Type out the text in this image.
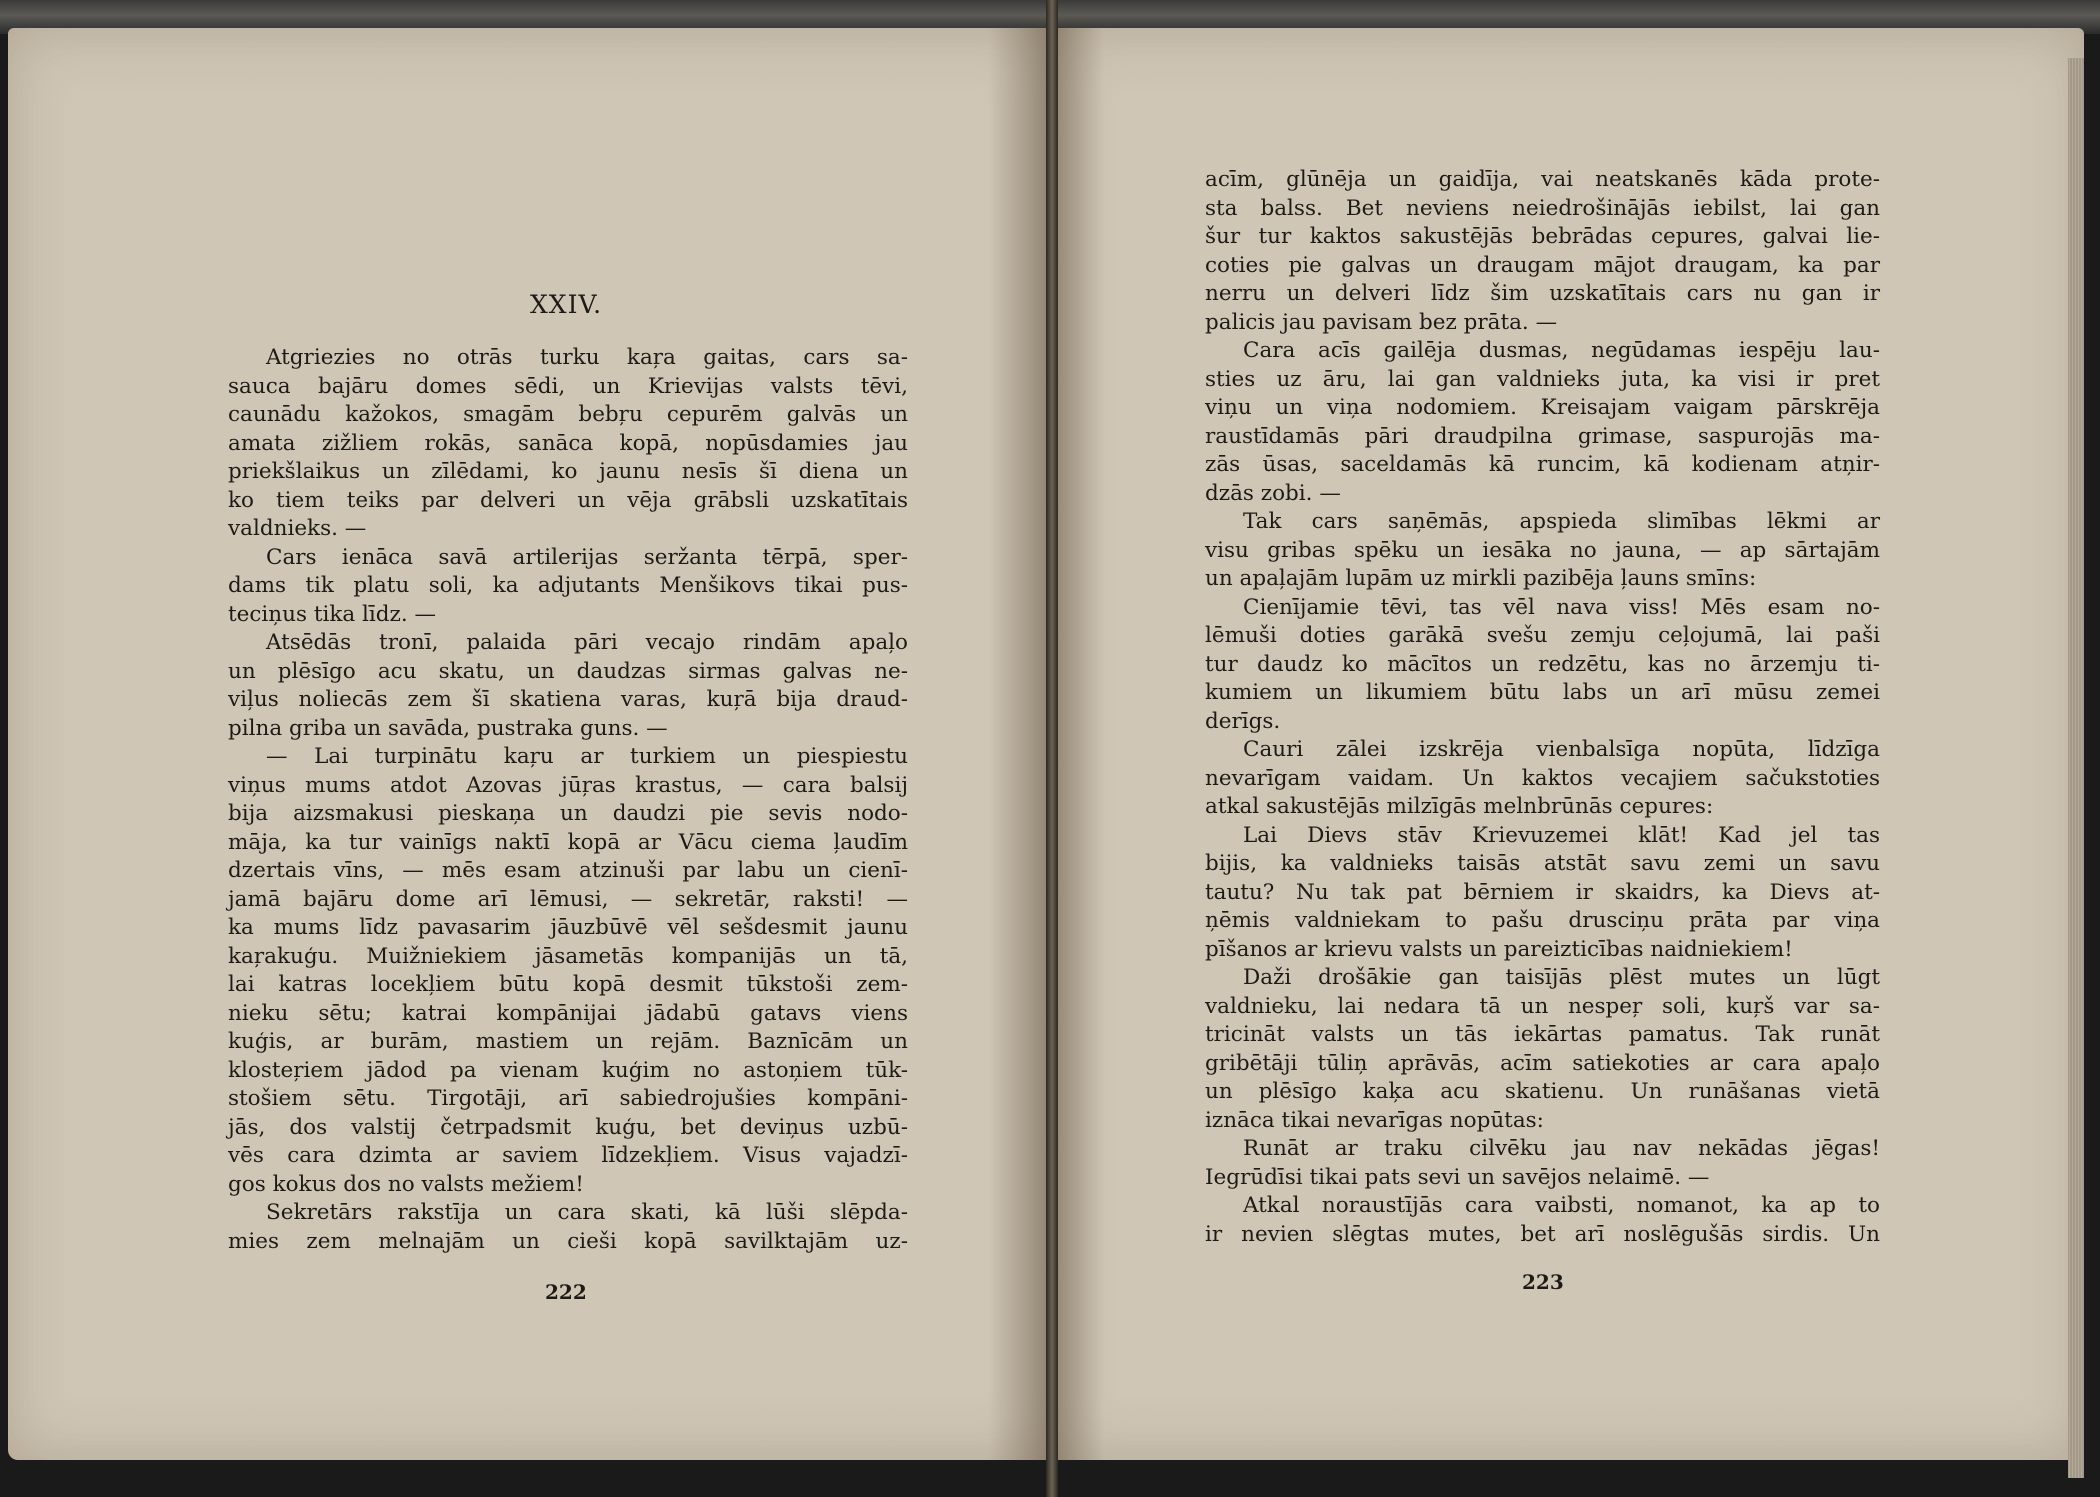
XXIV.

Atgriezies no otrās turku kaŗa gaitas, cars sa-
sauca bajāru domes sēdi, un Krievijas valsts tēvi,
caunādu kažokos, smagām bebŗu cepurēm galvās un
amata zižliem rokās, sanāca kopā, nopūsdamies jau
priekšlaikus un zīlēdami, ko jaunu nesīs šī diena un
ko tiem teiks par delveri un vēja grābsli uzskatītais
valdnieks. —

Cars ienāca savā artilerijas seržanta tērpā, sper-
dams tik platu soli, ka adjutants Menšikovs tikai pus-
teciņus tika līdz. —

Atsēdās tronī, palaida pāri vecajo rindām apaļo
un plēsīgo acu skatu, un daudzas sirmas galvas ne-
viļus noliecās zem šī skatiena varas, kuŗā bija draud-
pilna griba un savāda, pustraka guns. —

— Lai turpinātu kaŗu ar turkiem un piespiestu
viņus mums atdot Azovas jūŗas krastus, — cara balsij
bija aizsmakusi pieskaņa un daudzi pie sevis nodo-
māja, ka tur vainīgs naktī kopā ar Vācu ciema ļaudīm
dzertais vīns, — mēs esam atzinuši par labu un cienī-
jamā bajāru dome arī lēmusi, — sekretār, raksti! —
ka mums līdz pavasarim jāuzbūvē vēl sešdesmit jaunu
kaŗakuģu. Muižniekiem jāsametās kompanijās un tā,
lai katras locekļiem būtu kopā desmit tūkstoši zem-
nieku sētu; katrai kompānijai jādabū gatavs viens
kuģis, ar burām, mastiem un rejām. Baznīcām un
klosteŗiem jādod pa vienam kuģim no astoņiem tūk-
stošiem sētu. Tirgotāji, arī sabiedrojušies kompāni-
jās, dos valstij četrpadsmit kuģu, bet deviņus uzbū-
vēs cara dzimta ar saviem līdzekļiem. Visus vajadzī-
gos kokus dos no valsts mežiem!

Sekretārs rakstīja un cara skati, kā lūši slēpda-
mies zem melnajām un cieši kopā savilktajām uz-

acīm, glūnēja un gaidīja, vai neatskanēs kāda prote-
sta balss. Bet neviens neiedrošinājās iebilst, lai gan
šur tur kaktos sakustējās bebrādas cepures, galvai lie-
coties pie galvas un draugam mājot draugam, ka par
nerru un delveri līdz šim uzskatītais cars nu gan ir
palicis jau pavisam bez prāta. —

Cara acīs gailēja dusmas, negūdamas iespēju lau-
sties uz āru, lai gan valdnieks juta, ka visi ir pret
viņu un viņa nodomiem. Kreisajam vaigam pārskrēja
raustīdamās pāri draudpilna grimase, saspurojās ma-
zās ūsas, saceldamās kā runcim, kā kodienam atņir-
dzās zobi. —

Tak cars saņēmās, apspieda slimības lēkmi ar
visu gribas spēku un iesāka no jauna, — ap sārtajām
un apaļajām lupām uz mirkli pazibēja ļauns smīns:

Cienījamie tēvi, tas vēl nava viss! Mēs esam no-
lēmuši doties garākā svešu zemju ceļojumā, lai paši
tur daudz ko mācītos un redzētu, kas no ārzemju ti-
kumiem un likumiem būtu labs un arī mūsu zemei
derīgs.

Cauri zālei izskrēja vienbalsīga nopūta, līdzīga
nevarīgam vaidam. Un kaktos vecajiem sačukstoties
atkal sakustējās milzīgās melnbrūnās cepures:

Lai Dievs stāv Krievuzemei klāt! Kad jel tas
bijis, ka valdnieks taisās atstāt savu zemi un savu
tautu? Nu tak pat bērniem ir skaidrs, ka Dievs at-
ņēmis valdniekam to pašu drusciņu prāta par viņa
pīšanos ar krievu valsts un pareizticības naidniekiem!

Daži drošākie gan taisījās plēst mutes un lūgt
valdnieku, lai nedara tā un nespeŗ soli, kuŗš var sa-
tricināt valsts un tās iekārtas pamatus. Tak runāt
gribētāji tūliņ aprāvās, acīm satiekoties ar cara apaļo
un plēsīgo kaķa acu skatienu. Un runāšanas vietā
iznāca tikai nevarīgas nopūtas:

Runāt ar traku cilvēku jau nav nekādas jēgas!
Iegrūdīsi tikai pats sevi un savējos nelaimē. —

Atkal noraustījās cara vaibsti, nomanot, ka ap to
ir nevien slēgtas mutes, bet arī noslēgušās sirdis. Un

222	223
